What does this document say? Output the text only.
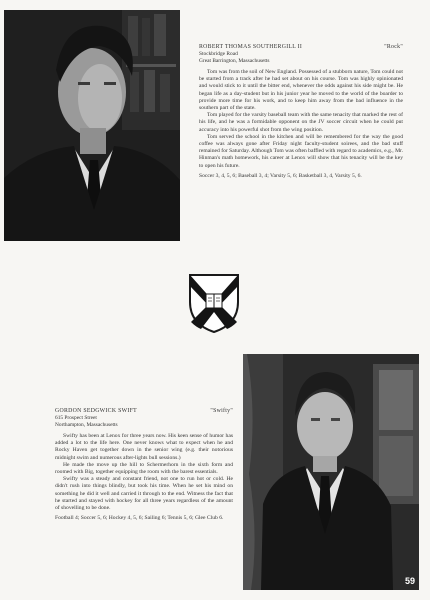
ROBERT THOMAS SOUTHERGILL II	"Rock"
Stockbridge Road
Great Barrington, Massachusetts

Tom was from the soil of New England. Possessed of a stubborn nature, Tom could not be started from a track after he had set about on his course. Tom was highly opinionated and would stick to it until the bitter end, whenever the odds against his side might be. He began life as a day-student but in his junior year he moved to the world of the boarder to provide more time for his work, and to keep him away from the bad influence in the southern part of the state.

Tom played for the varsity baseball team with the same tenacity that marked the rest of his life, and he was a formidable opponent on the JV soccer circuit when he could put accuracy into his powerful shot from the wing position.

Tom served the school in the kitchen and will be remembered for the way the good coffee was always gone after Friday night faculty-student soirees, and the bad stuff remained for Saturday. Although Tom was often baffled with regard to academics, e.g., Mr. Hinman's math homework, his career at Lenox will show that his tenacity will be the key to open his future.

Soccer 3, 4, 5, 6; Baseball 3, 4; Varsity 5, 6; Basketball 3, 4, Varsity 5, 6.
GORDON SEDGWICK SWIFT	"Swifty"
615 Prospect Street
Northampton, Massachusetts

Swifty has been at Lenox for three years now. His keen sense of humor has added a lot to the life here. One never knows what to expect when he and Rocky Haven get together down in the senior wing (e.g. their notorious midnight swim and numerous after-lights bull sessions.)

He made the move up the hill to Schermerhorn in the sixth form and roomed with Big, together equipping the room with the barest essentials.

Swifty was a steady and constant friend, not one to run hot or cold. He didn't rush into things blindly, but took his time. When he set his mind on something he did it well and carried it through to the end. Witness the fact that he started and stayed with hockey for all three years regardless of the amount of shovelling to be done.

Football 4; Soccer 5, 6; Hockey 4, 5, 6; Sailing 6; Tennis 5, 6; Glee Club 6.
59
